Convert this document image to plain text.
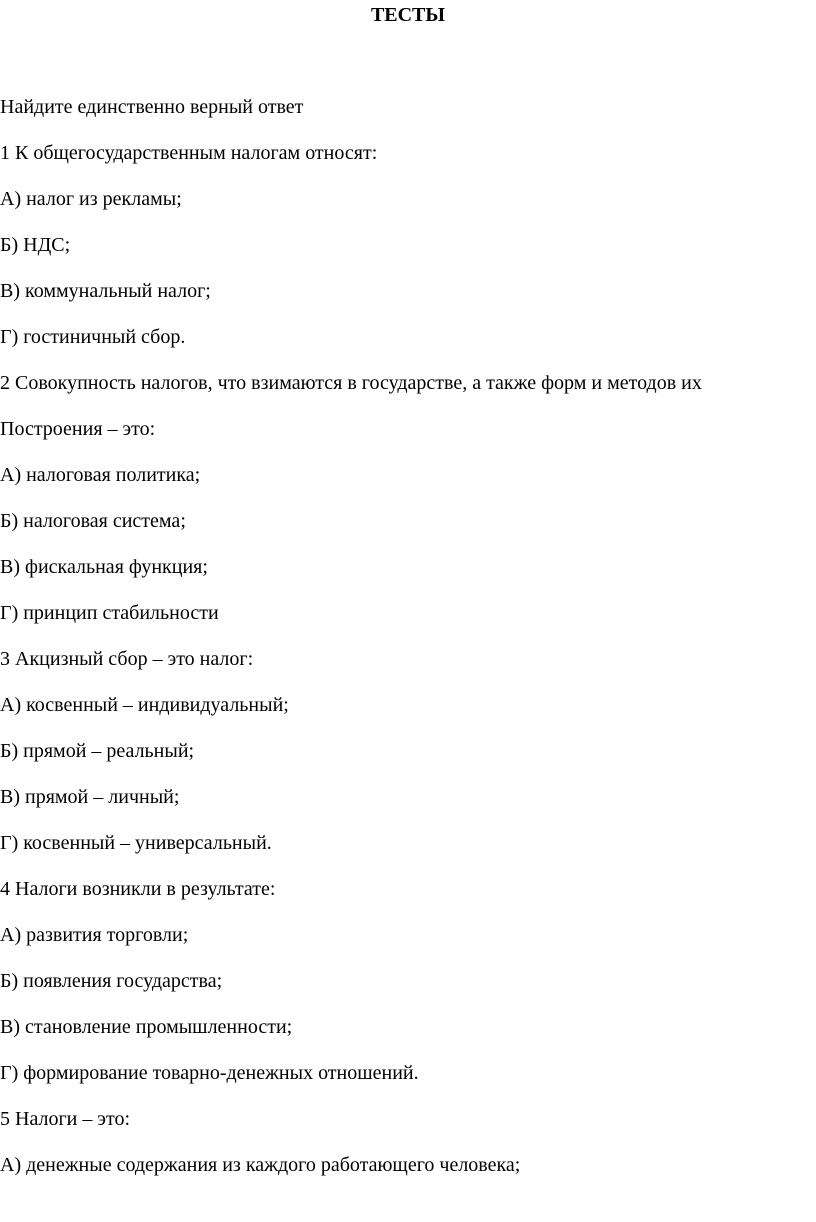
ТЕСТЫ
Найдите единственно верный ответ
1 К общегосударственным налогам относят:
А) налог из рекламы;
Б) НДС;
В) коммунальный налог;
Г) гостиничный сбор.
2 Совокупность налогов, что взимаются в государстве, а также форм и методов их
Построения – это:
А) налоговая политика;
Б) налоговая система;
В) фискальная функция;
Г) принцип стабильности
3 Акцизный сбор – это налог:
А) косвенный – индивидуальный;
Б) прямой – реальный;
В) прямой – личный;
Г) косвенный – универсальный.
4 Налоги возникли в результате:
А) развития торговли;
Б) появления государства;
В) становление промышленности;
Г) формирование товарно-денежных отношений.
5 Налоги – это:
А) денежные содержания из каждого работающего человека;
